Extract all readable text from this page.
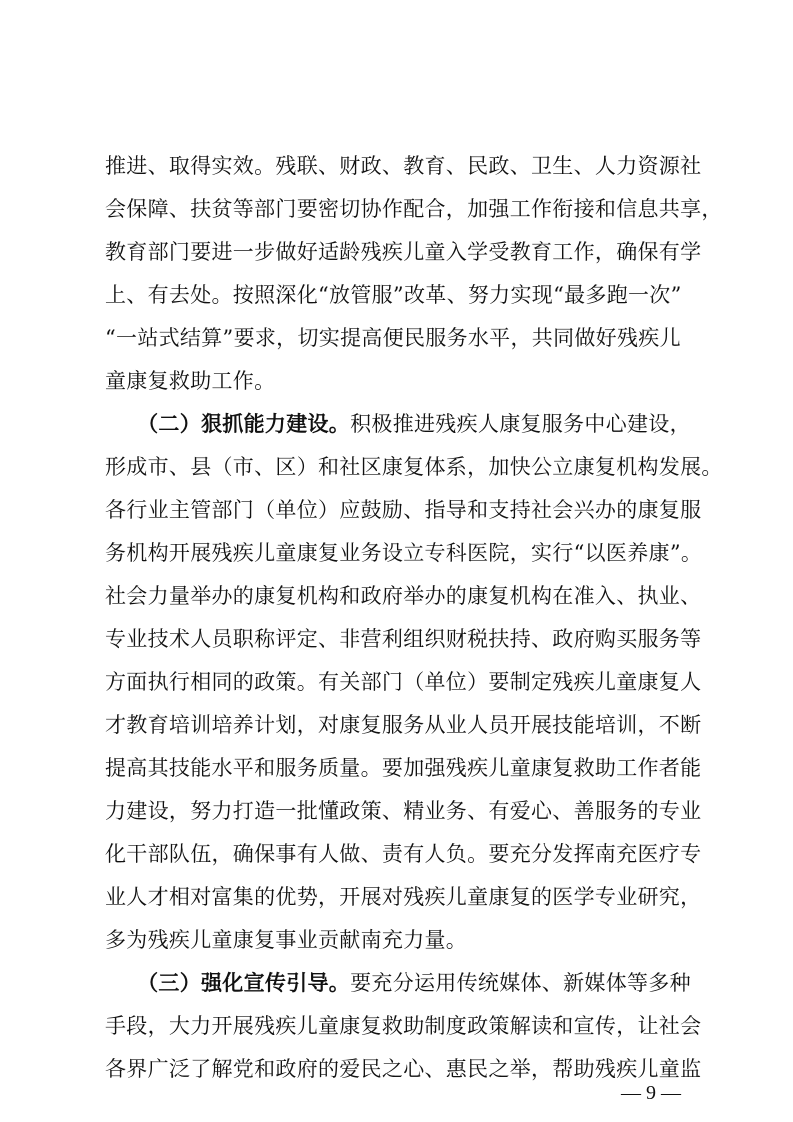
推进、取得实效。残联、财政、教育、民政、卫生、人力资源社
会保障、扶贫等部门要密切协作配合，加强工作衔接和信息共享，
教育部门要进一步做好适龄残疾儿童入学受教育工作，确保有学
上、有去处。按照深化“放管服”改革、努力实现“最多跑一次”
“一站式结算”要求，切实提高便民服务水平，共同做好残疾儿
童康复救助工作。
　　（二）狠抓能力建设。积极推进残疾人康复服务中心建设，
形成市、县（市、区）和社区康复体系，加快公立康复机构发展。
各行业主管部门（单位）应鼓励、指导和支持社会兴办的康复服
务机构开展残疾儿童康复业务设立专科医院，实行“以医养康”。
社会力量举办的康复机构和政府举办的康复机构在准入、执业、
专业技术人员职称评定、非营利组织财税扶持、政府购买服务等
方面执行相同的政策。有关部门（单位）要制定残疾儿童康复人
才教育培训培养计划，对康复服务从业人员开展技能培训，不断
提高其技能水平和服务质量。要加强残疾儿童康复救助工作者能
力建设，努力打造一批懂政策、精业务、有爱心、善服务的专业
化干部队伍，确保事有人做、责有人负。要充分发挥南充医疗专
业人才相对富集的优势，开展对残疾儿童康复的医学专业研究，
多为残疾儿童康复事业贡献南充力量。
　　（三）强化宣传引导。要充分运用传统媒体、新媒体等多种
手段，大力开展残疾儿童康复救助制度政策解读和宣传，让社会
各界广泛了解党和政府的爱民之心、惠民之举，帮助残疾儿童监
— 9 —
